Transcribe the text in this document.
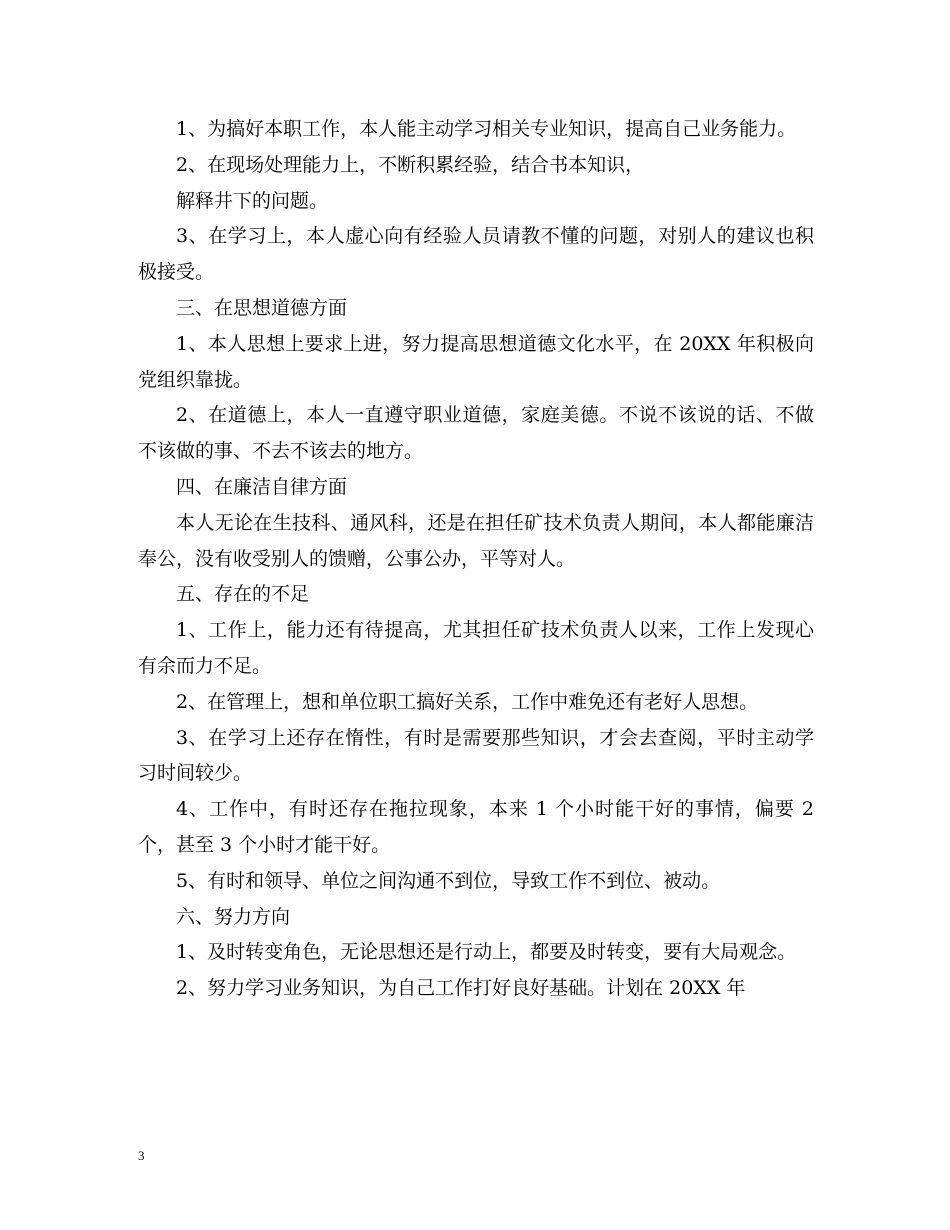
1、为搞好本职工作，本人能主动学习相关专业知识，提高自己业务能力。

2、在现场处理能力上，不断积累经验，结合书本知识，

解释井下的问题。

3、在学习上，本人虚心向有经验人员请教不懂的问题，对别人的建议也积极接受。

三、在思想道德方面

1、本人思想上要求上进，努力提高思想道德文化水平，在 20XX 年积极向党组织靠拢。

2、在道德上，本人一直遵守职业道德，家庭美德。不说不该说的话、不做不该做的事、不去不该去的地方。

四、在廉洁自律方面

本人无论在生技科、通风科，还是在担任矿技术负责人期间，本人都能廉洁奉公，没有收受别人的馈赠，公事公办，平等对人。

五、存在的不足

1、工作上，能力还有待提高，尤其担任矿技术负责人以来，工作上发现心有余而力不足。

2、在管理上，想和单位职工搞好关系，工作中难免还有老好人思想。

3、在学习上还存在惰性，有时是需要那些知识，才会去查阅，平时主动学习时间较少。

4、工作中，有时还存在拖拉现象，本来 1 个小时能干好的事情，偏要 2 个，甚至 3 个小时才能干好。

5、有时和领导、单位之间沟通不到位，导致工作不到位、被动。

六、努力方向

1、及时转变角色，无论思想还是行动上，都要及时转变，要有大局观念。

2、努力学习业务知识，为自己工作打好良好基础。计划在 20XX 年

3
